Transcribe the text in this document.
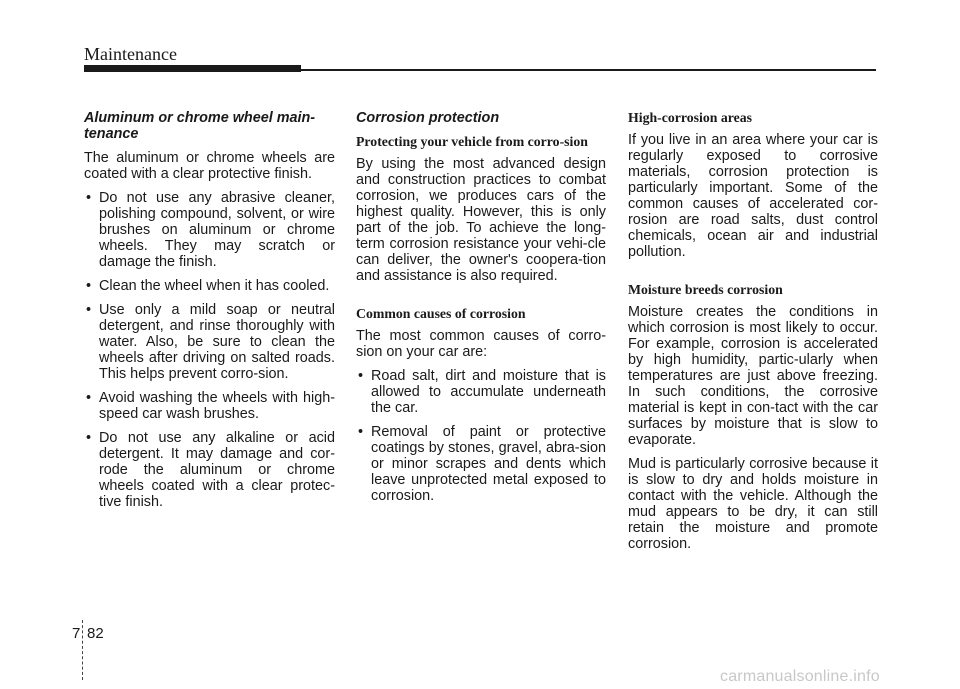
Maintenance
Aluminum or chrome wheel main-tenance

The aluminum or chrome wheels are coated with a clear protective finish.

• Do not use any abrasive cleaner, polishing compound, solvent, or wire brushes on aluminum or chrome wheels. They may scratch or damage the finish.
• Clean the wheel when it has cooled.
• Use only a mild soap or neutral detergent, and rinse thoroughly with water. Also, be sure to clean the wheels after driving on salted roads. This helps prevent corro-sion.
• Avoid washing the wheels with high-speed car wash brushes.
• Do not use any alkaline or acid detergent. It may damage and cor-rode the aluminum or chrome wheels coated with a clear protec-tive finish.
Corrosion protection
Protecting your vehicle from corro-sion

By using the most advanced design and construction practices to combat corrosion, we produces cars of the highest quality. However, this is only part of the job. To achieve the long-term corrosion resistance your vehi-cle can deliver, the owner's coopera-tion and assistance is also required.

Common causes of corrosion

The most common causes of corro-sion on your car are:

• Road salt, dirt and moisture that is allowed to accumulate underneath the car.
• Removal of paint or protective coatings by stones, gravel, abra-sion or minor scrapes and dents which leave unprotected metal exposed to corrosion.
High-corrosion areas

If you live in an area where your car is regularly exposed to corrosive materials, corrosion protection is particularly important. Some of the common causes of accelerated cor-rosion are road salts, dust control chemicals, ocean air and industrial pollution.

Moisture breeds corrosion

Moisture creates the conditions in which corrosion is most likely to occur. For example, corrosion is accelerated by high humidity, partic-ularly when temperatures are just above freezing. In such conditions, the corrosive material is kept in con-tact with the car surfaces by moisture that is slow to evaporate.

Mud is particularly corrosive because it is slow to dry and holds moisture in contact with the vehicle. Although the mud appears to be dry, it can still retain the moisture and promote corrosion.

7 82
carmanualsonline.info
